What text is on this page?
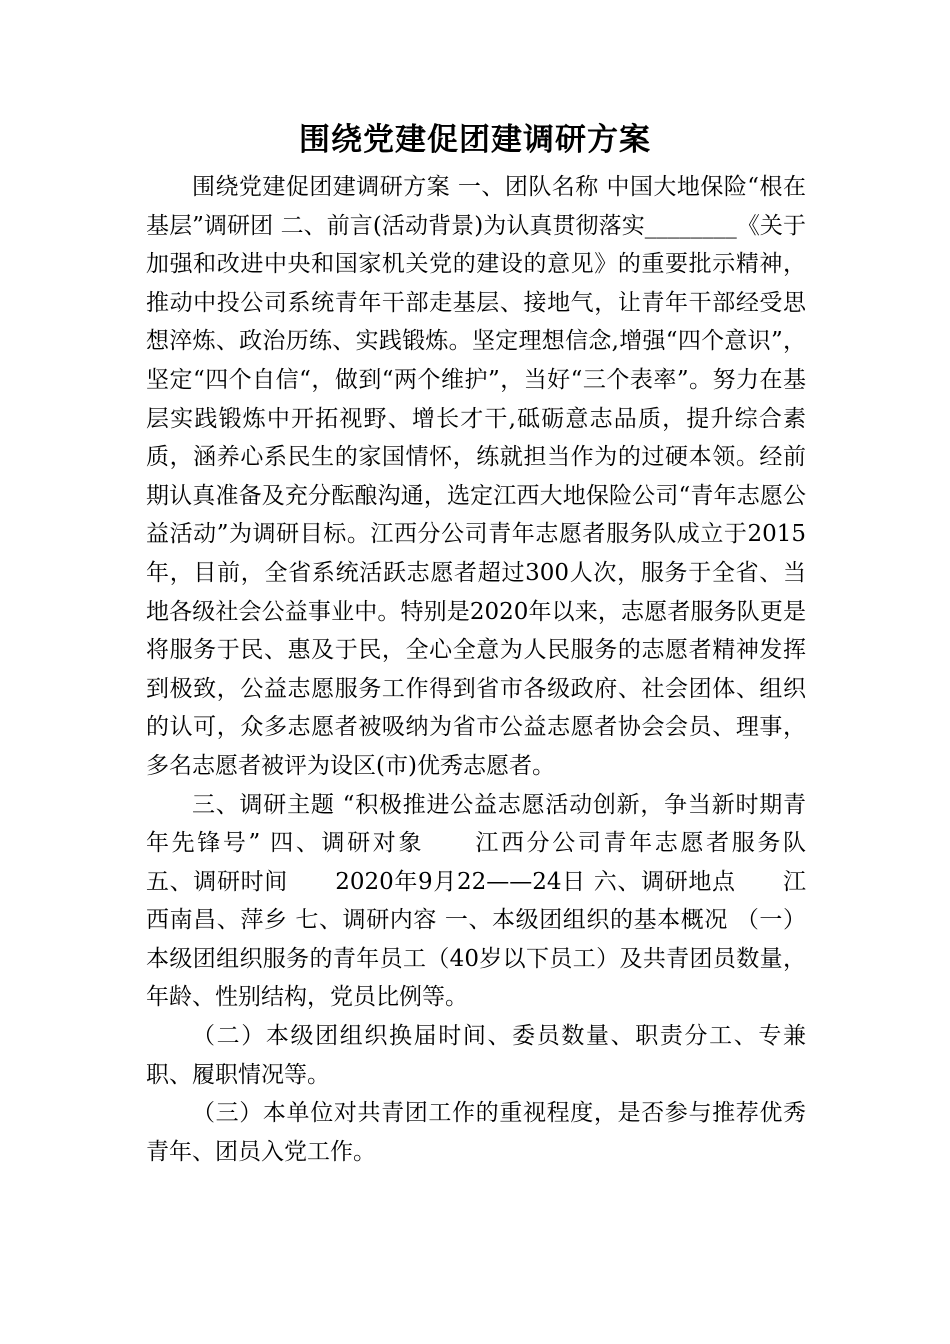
围绕党建促团建调研方案

围绕党建促团建调研方案 一、团队名称 中国大地保险“根在基层”调研团 二、前言(活动背景)为认真贯彻落实________《关于加强和改进中央和国家机关党的建设的意见》的重要批示精神，推动中投公司系统青年干部走基层、接地气，让青年干部经受思想淬炼、政治历练、实践锻炼。坚定理想信念,增强“四个意识”，坚定“四个自信“，做到“两个维护”，当好“三个表率”。努力在基层实践锻炼中开拓视野、增长才干,砥砺意志品质，提升综合素质，涵养心系民生的家国情怀，练就担当作为的过硬本领。经前期认真准备及充分酝酿沟通，选定江西大地保险公司“青年志愿公益活动”为调研目标。江西分公司青年志愿者服务队成立于2015年，目前，全省系统活跃志愿者超过300人次，服务于全省、当地各级社会公益事业中。特别是2020年以来，志愿者服务队更是将服务于民、惠及于民，全心全意为人民服务的志愿者精神发挥到极致，公益志愿服务工作得到省市各级政府、社会团体、组织的认可，众多志愿者被吸纳为省市公益志愿者协会会员、理事，多名志愿者被评为设区(市)优秀志愿者。

三、调研主题 “积极推进公益志愿活动创新，争当新时期青年先锋号” 四、调研对象　　江西分公司青年志愿者服务队　五、调研时间　　2020年9月22——24日 六、调研地点　　江西南昌、萍乡 七、调研内容 一、本级团组织的基本概况 （一）本级团组织服务的青年员工（40岁以下员工）及共青团员数量，年龄、性别结构，党员比例等。

（二）本级团组织换届时间、委员数量、职责分工、专兼职、履职情况等。

（三）本单位对共青团工作的重视程度，是否参与推荐优秀青年、团员入党工作。
